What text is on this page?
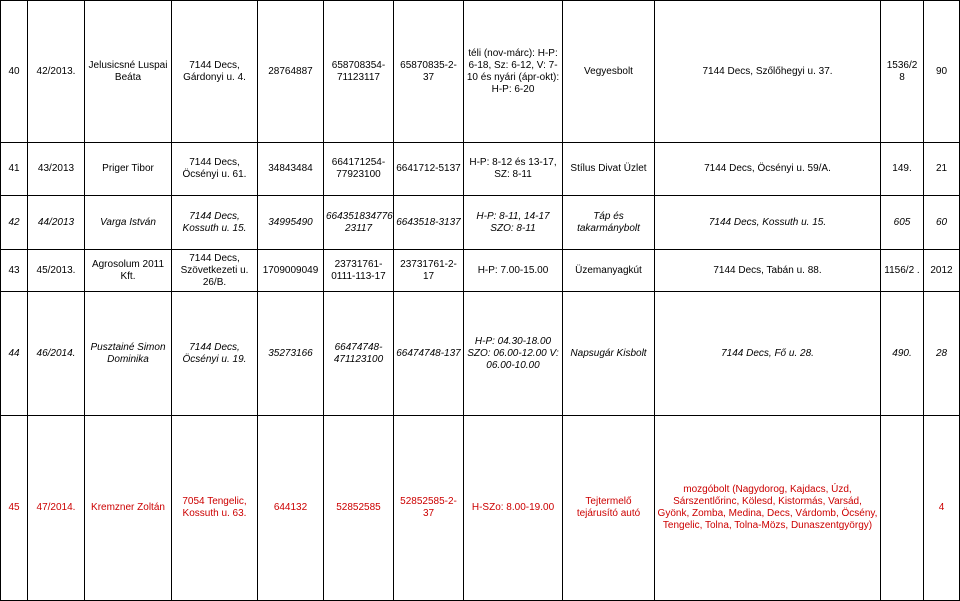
40	42/2013.	Jelusicsné Luspai Beáta	7144 Decs, Gárdonyi u. 4.	28764887	658708354-71123117	65870835-2-37	téli (nov-márc): H-P: 6-18, Sz: 6-12, V: 7-10 és nyári (ápr-okt): H-P: 6-20	Vegyesbolt	7144 Decs, Szőlőhegyi u. 37.	1536/2 8	90
41	43/2013	Priger Tibor	7144 Decs, Öcsényi u. 61.	34843484	664171254-77923100	6641712-5137	H-P: 8-12 és 13-17, SZ: 8-11	Stílus Divat Üzlet	7144 Decs, Öcsényi u. 59/A.	149.	21
42	44/2013	Varga István	7144 Decs, Kossuth u. 15.	34995490	664351834776 23117	6643518-3137	H-P: 8-11, 14-17 SZO: 8-11	Táp és takarmánybolt	7144 Decs, Kossuth u. 15.	605	60
43	45/2013.	Agrosolum 2011 Kft.	7144 Decs, Szövetkezeti u. 26/B.	1709009049	23731761-0111-113-17	23731761-2-17	H-P: 7.00-15.00	Üzemanyagkút	7144 Decs, Tabán u. 88.	1156/2 .	2012
44	46/2014.	Pusztainé Simon Dominika	7144 Decs, Öcsényi u. 19.	35273166	66474748-471123100	66474748-137	H-P: 04.30-18.00 SZO: 06.00-12.00 V: 06.00-10.00	Napsugár Kisbolt	7144 Decs, Fő u. 28.	490.	28
45	47/2014.	Kremzner Zoltán	7054 Tengelic, Kossuth u. 63.	644132	52852585	52852585-2-37	H-SZo: 8.00-19.00	Tejtermelő tejárusító autó	mozgóbolt (Nagydorog, Kajdacs, Úzd, Sárszentlőrinc, Kölesd, Kistormás, Varsád, Gyönk, Zomba, Medina, Decs, Várdomb, Öcsény, Tengelic, Tolna, Tolna-Mözs, Dunaszentgyörgy)		4
